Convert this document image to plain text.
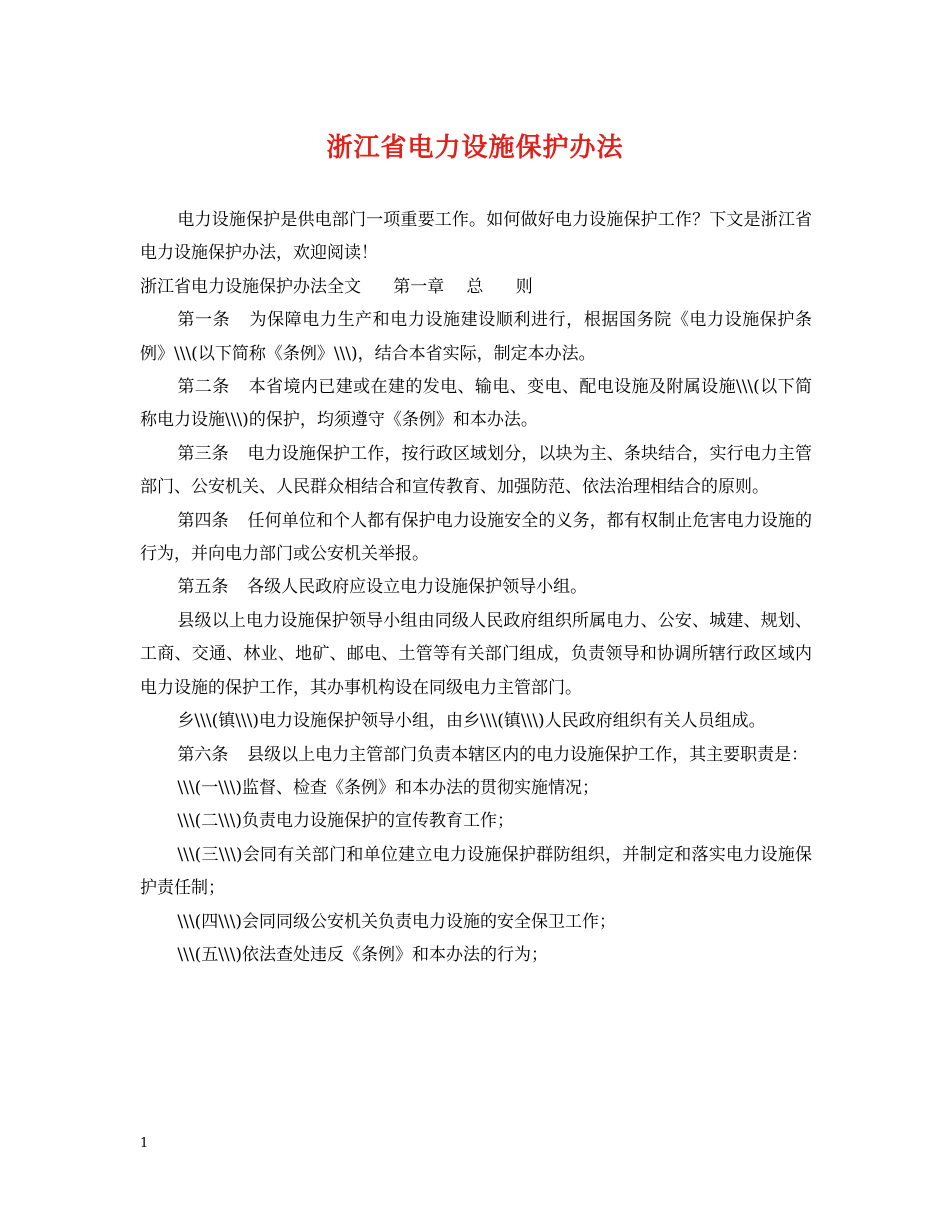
浙江省电力设施保护办法

电力设施保护是供电部门一项重要工作。如何做好电力设施保护工作？下文是浙江省电力设施保护办法，欢迎阅读！

浙江省电力设施保护办法全文 第一章 总 则

第一条 为保障电力生产和电力设施建设顺利进行，根据国务院《电力设施保护条例》\\\(以下简称《条例》\\\)，结合本省实际，制定本办法。

第二条 本省境内已建或在建的发电、输电、变电、配电设施及附属设施\\\(以下简称电力设施\\\)的保护，均须遵守《条例》和本办法。

第三条 电力设施保护工作，按行政区域划分，以块为主、条块结合，实行电力主管部门、公安机关、人民群众相结合和宣传教育、加强防范、依法治理相结合的原则。

第四条 任何单位和个人都有保护电力设施安全的义务，都有权制止危害电力设施的行为，并向电力部门或公安机关举报。

第五条 各级人民政府应设立电力设施保护领导小组。

县级以上电力设施保护领导小组由同级人民政府组织所属电力、公安、城建、规划、工商、交通、林业、地矿、邮电、土管等有关部门组成，负责领导和协调所辖行政区域内电力设施的保护工作，其办事机构设在同级电力主管部门。

乡\\\(镇\\\)电力设施保护领导小组，由乡\\\(镇\\\)人民政府组织有关人员组成。

第六条 县级以上电力主管部门负责本辖区内的电力设施保护工作，其主要职责是：

\\\(一\\\)监督、检查《条例》和本办法的贯彻实施情况；

\\\(二\\\)负责电力设施保护的宣传教育工作；

\\\(三\\\)会同有关部门和单位建立电力设施保护群防组织，并制定和落实电力设施保护责任制；

\\\(四\\\)会同同级公安机关负责电力设施的安全保卫工作；

\\\(五\\\)依法查处违反《条例》和本办法的行为；

1
